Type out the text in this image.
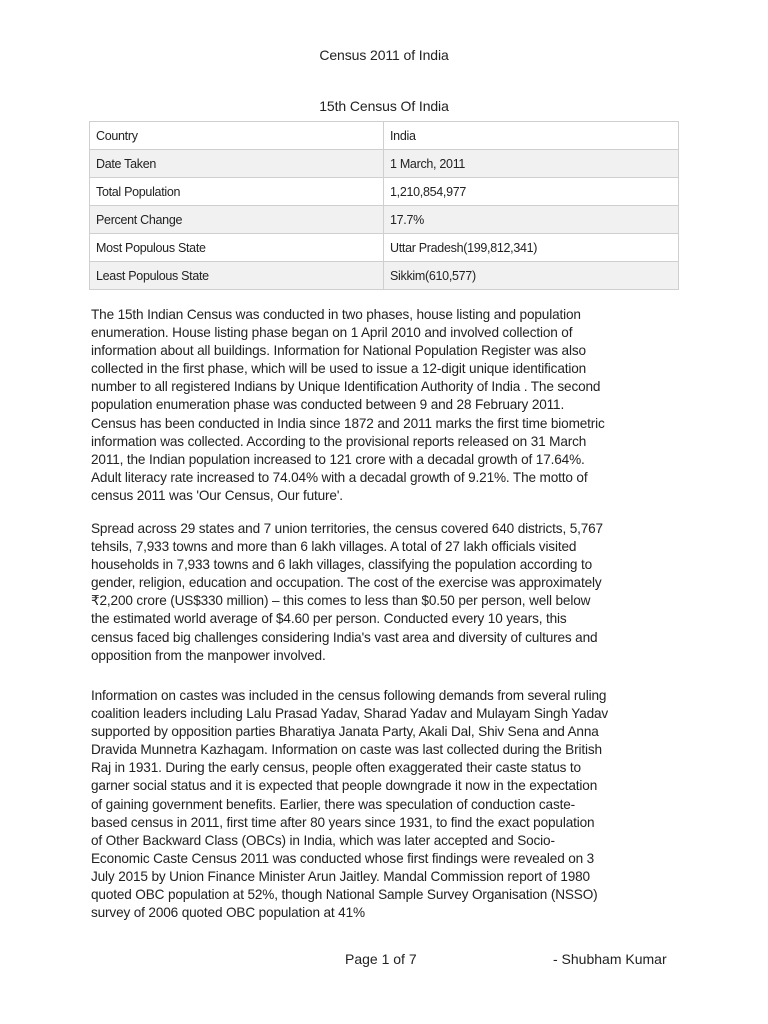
Census 2011 of India
15th Census Of India
Country	India
Date Taken	1 March, 2011
Total Population	1,210,854,977
Percent Change	17.7%
Most Populous State	Uttar Pradesh(199,812,341)
Least Populous State	Sikkim(610,577)

The 15th Indian Census was conducted in two phases, house listing and population
enumeration. House listing phase began on 1 April 2010 and involved collection of
information about all buildings. Information for National Population Register was also
collected in the first phase, which will be used to issue a 12-digit unique identification
number to all registered Indians by Unique Identification Authority of India . The second
population enumeration phase was conducted between 9 and 28 February 2011.
Census has been conducted in India since 1872 and 2011 marks the first time biometric
information was collected. According to the provisional reports released on 31 March
2011, the Indian population increased to 121 crore with a decadal growth of 17.64%.
Adult literacy rate increased to 74.04% with a decadal growth of 9.21%. The motto of
census 2011 was 'Our Census, Our future'.

Spread across 29 states and 7 union territories, the census covered 640 districts, 5,767
tehsils, 7,933 towns and more than 6 lakh villages. A total of 27 lakh officials visited
households in 7,933 towns and 6 lakh villages, classifying the population according to
gender, religion, education and occupation. The cost of the exercise was approximately
₹2,200 crore (US$330 million) – this comes to less than $0.50 per person, well below
the estimated world average of $4.60 per person. Conducted every 10 years, this
census faced big challenges considering India's vast area and diversity of cultures and
opposition from the manpower involved.

Information on castes was included in the census following demands from several ruling
coalition leaders including Lalu Prasad Yadav, Sharad Yadav and Mulayam Singh Yadav
supported by opposition parties Bharatiya Janata Party, Akali Dal, Shiv Sena and Anna
Dravida Munnetra Kazhagam. Information on caste was last collected during the British
Raj in 1931. During the early census, people often exaggerated their caste status to
garner social status and it is expected that people downgrade it now in the expectation
of gaining government benefits. Earlier, there was speculation of conduction caste-
based census in 2011, first time after 80 years since 1931, to find the exact population
of Other Backward Class (OBCs) in India, which was later accepted and Socio-
Economic Caste Census 2011 was conducted whose first findings were revealed on 3
July 2015 by Union Finance Minister Arun Jaitley. Mandal Commission report of 1980
quoted OBC population at 52%, though National Sample Survey Organisation (NSSO)
survey of 2006 quoted OBC population at 41%

Page 1 of 7	- Shubham Kumar
